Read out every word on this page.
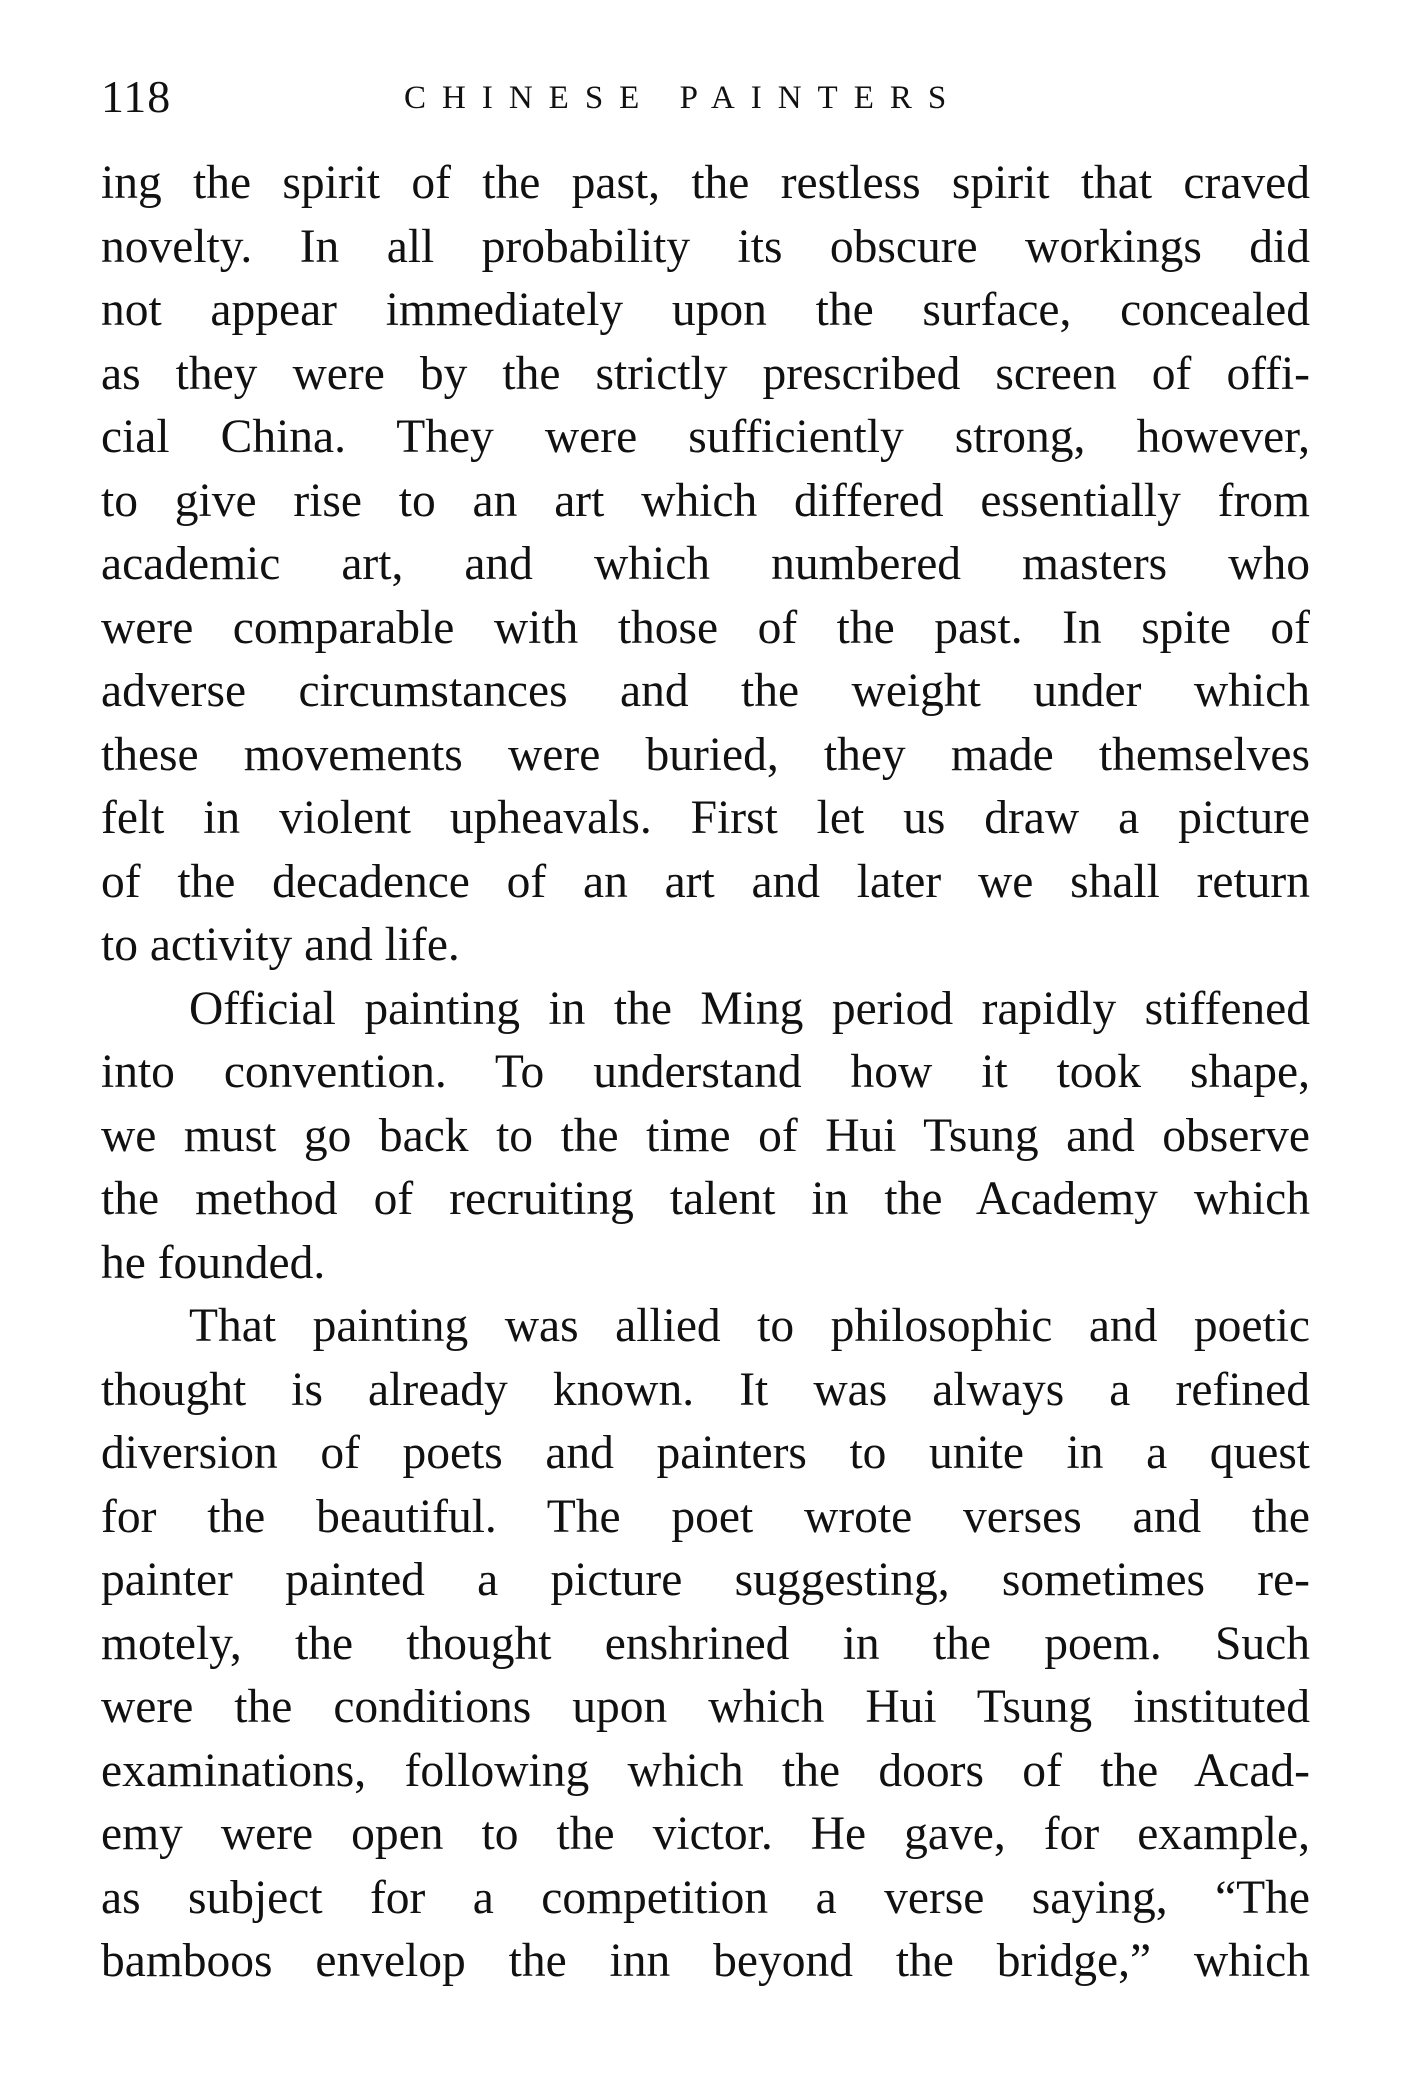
118	CHINESE PAINTERS
ing the spirit of the past, the restless spirit that craved
novelty. In all probability its obscure workings did
not appear immediately upon the surface, concealed
as they were by the strictly prescribed screen of offi-
cial China. They were sufficiently strong, however,
to give rise to an art which differed essentially from
academic art, and which numbered masters who
were comparable with those of the past. In spite of
adverse circumstances and the weight under which
these movements were buried, they made themselves
felt in violent upheavals. First let us draw a picture
of the decadence of an art and later we shall return
to activity and life.
Official painting in the Ming period rapidly stiffened
into convention. To understand how it took shape,
we must go back to the time of Hui Tsung and observe
the method of recruiting talent in the Academy which
he founded.
That painting was allied to philosophic and poetic
thought is already known. It was always a refined
diversion of poets and painters to unite in a quest
for the beautiful. The poet wrote verses and the
painter painted a picture suggesting, sometimes re-
motely, the thought enshrined in the poem. Such
were the conditions upon which Hui Tsung instituted
examinations, following which the doors of the Acad-
emy were open to the victor. He gave, for example,
as subject for a competition a verse saying, “The
bamboos envelop the inn beyond the bridge,” which
